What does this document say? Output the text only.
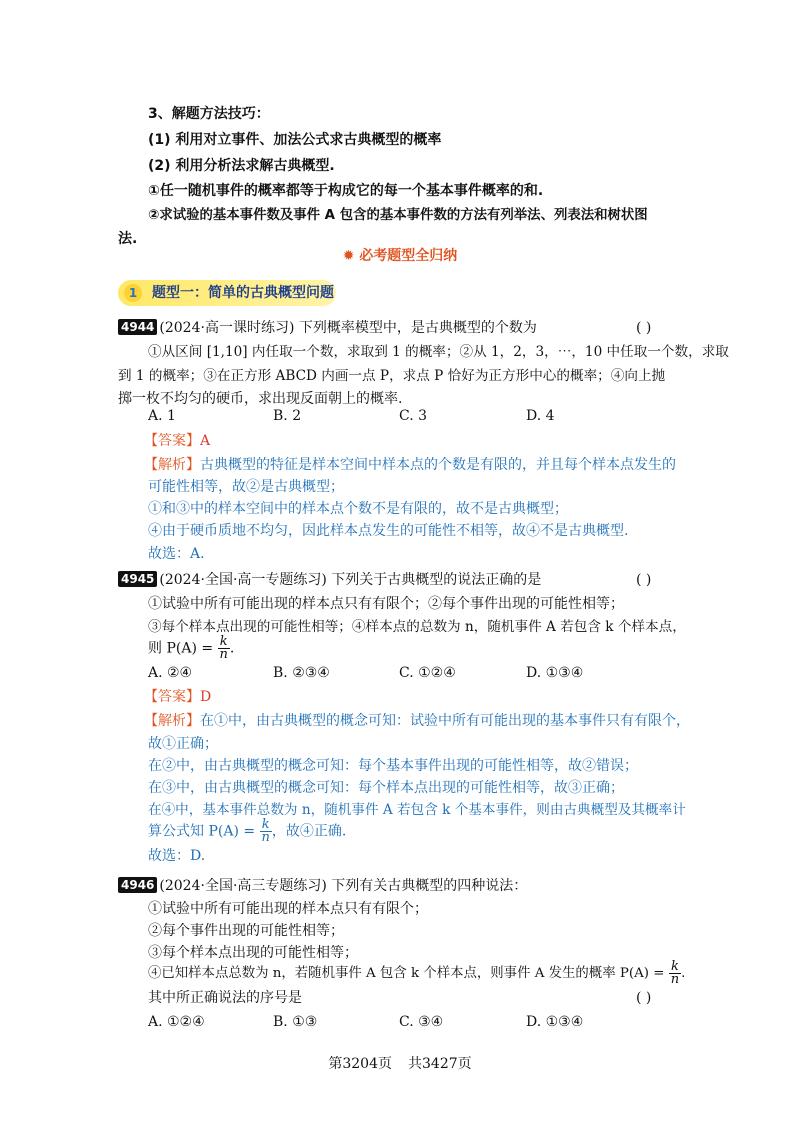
3、解题方法技巧：
(1) 利用对立事件、加法公式求古典概型的概率
(2) 利用分析法求解古典概型.
①任一随机事件的概率都等于构成它的每一个基本事件概率的和.
②求试验的基本事件数及事件 A 包含的基本事件数的方法有列举法、列表法和树状图
法.
✹ 必考题型全归纳
1	题型一：简单的古典概型问题
4944 (2024·高一课时练习) 下列概率模型中，是古典概型的个数为	( )
①从区间 [1,10] 内任取一个数，求取到 1 的概率；②从 1，2，3，⋯，10 中任取一个数，求取
到 1 的概率；③在正方形 ABCD 内画一点 P，求点 P 恰好为正方形中心的概率；④向上抛
掷一枚不均匀的硬币，求出现反面朝上的概率.
A. 1	B. 2	C. 3	D. 4
【答案】A
【解析】古典概型的特征是样本空间中样本点的个数是有限的，并且每个样本点发生的
可能性相等，故②是古典概型；
①和③中的样本空间中的样本点个数不是有限的，故不是古典概型；
④由于硬币质地不均匀，因此样本点发生的可能性不相等，故④不是古典概型.
故选：A.
4945 (2024·全国·高一专题练习) 下列关于古典概型的说法正确的是	( )
①试验中所有可能出现的样本点只有有限个；②每个事件出现的可能性相等；
③每个样本点出现的可能性相等；④样本点的总数为 n，随机事件 A 若包含 k 个样本点，
则 $P(A) = \frac{k}{n}$ .
A. ②④	B. ②③④	C. ①②④	D. ①③④
【答案】D
【解析】在①中，由古典概型的概念可知：试验中所有可能出现的基本事件只有有限个，
故①正确；
在②中，由古典概型的概念可知：每个基本事件出现的可能性相等，故②错误；
在③中，由古典概型的概念可知：每个样本点出现的可能性相等，故③正确；
在④中，基本事件总数为 n，随机事件 A 若包含 k 个基本事件，则由古典概型及其概率计
算公式知 $P(A) = \frac{k}{n}$ ，故④正确.
故选：D.
4946 (2024·全国·高三专题练习) 下列有关古典概型的四种说法：
①试验中所有可能出现的样本点只有有限个；
②每个事件出现的可能性相等；
③每个样本点出现的可能性相等；
④已知样本点总数为 n，若随机事件 A 包含 k 个样本点，则事件 A 发生的概率 $P(A) = \frac{k}{n}$ .
其中所正确说法的序号是	( )
A. ①②④	B. ①③	C. ③④	D. ①③④
第3204页 共3427页
